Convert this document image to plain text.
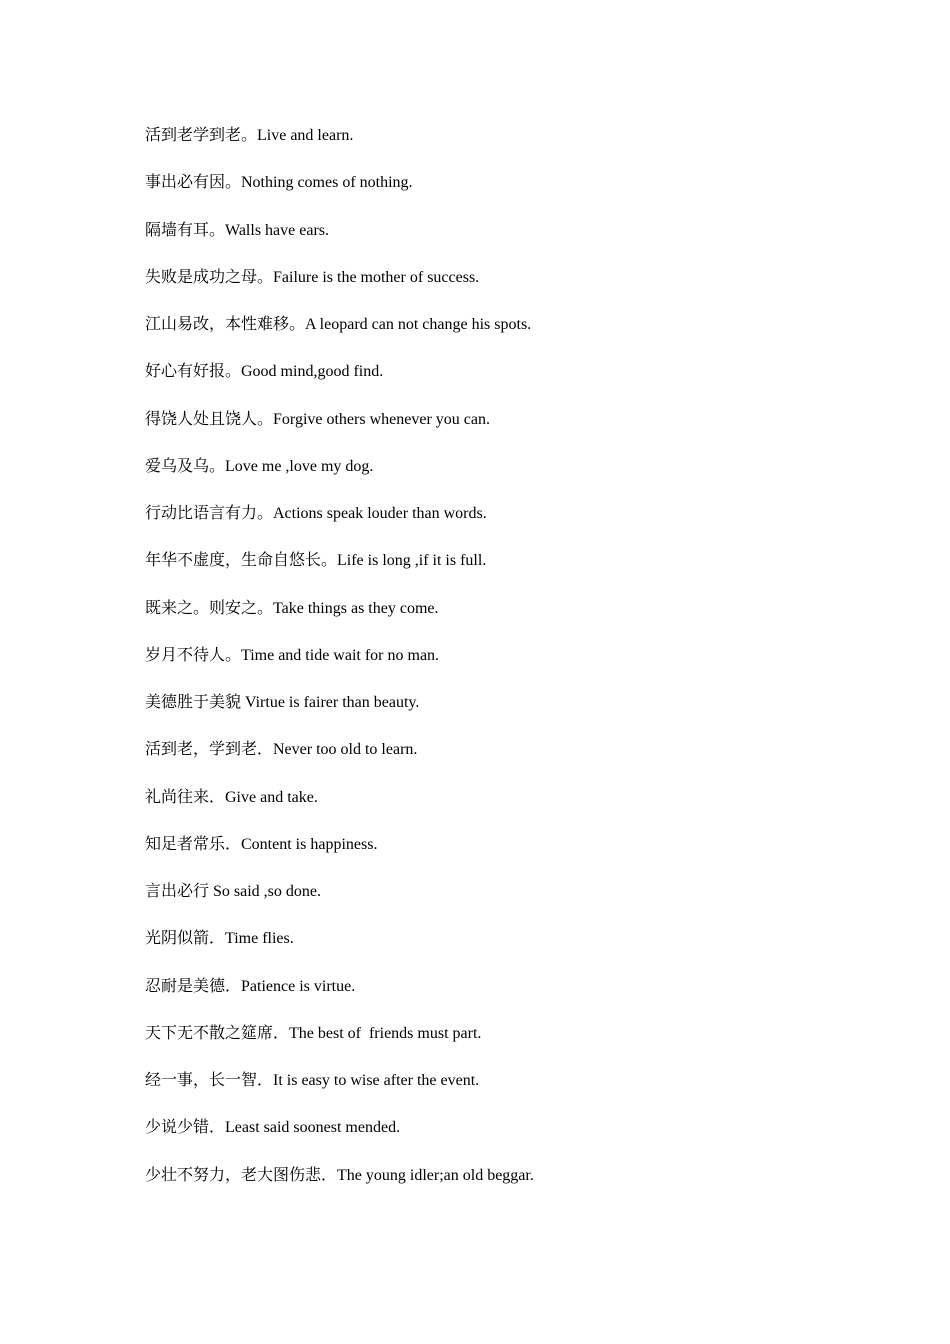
活到老学到老。Live and learn.
事出必有因。Nothing comes of nothing.
隔墙有耳。Walls have ears.
失败是成功之母。Failure is the mother of success.
江山易改，本性难移。A leopard can not change his spots.
好心有好报。Good mind,good find.
得饶人处且饶人。Forgive others whenever you can.
爱乌及乌。Love me ,love my dog.
行动比语言有力。Actions speak louder than words.
年华不虚度，生命自悠长。Life is long ,if it is full.
既来之。则安之。Take things as they come.
岁月不待人。Time and tide wait for no man.
美德胜于美貌 Virtue is fairer than beauty.
活到老，学到老．Never too old to learn.
礼尚往来．Give and take.
知足者常乐．Content is happiness.
言出必行 So said ,so done.
光阴似箭．Time flies.
忍耐是美德．Patience is virtue.
天下无不散之筵席．The best of  friends must part.
经一事，长一智．It is easy to wise after the event.
少说少错．Least said soonest mended.
少壮不努力，老大图伤悲．The young idler;an old beggar.
